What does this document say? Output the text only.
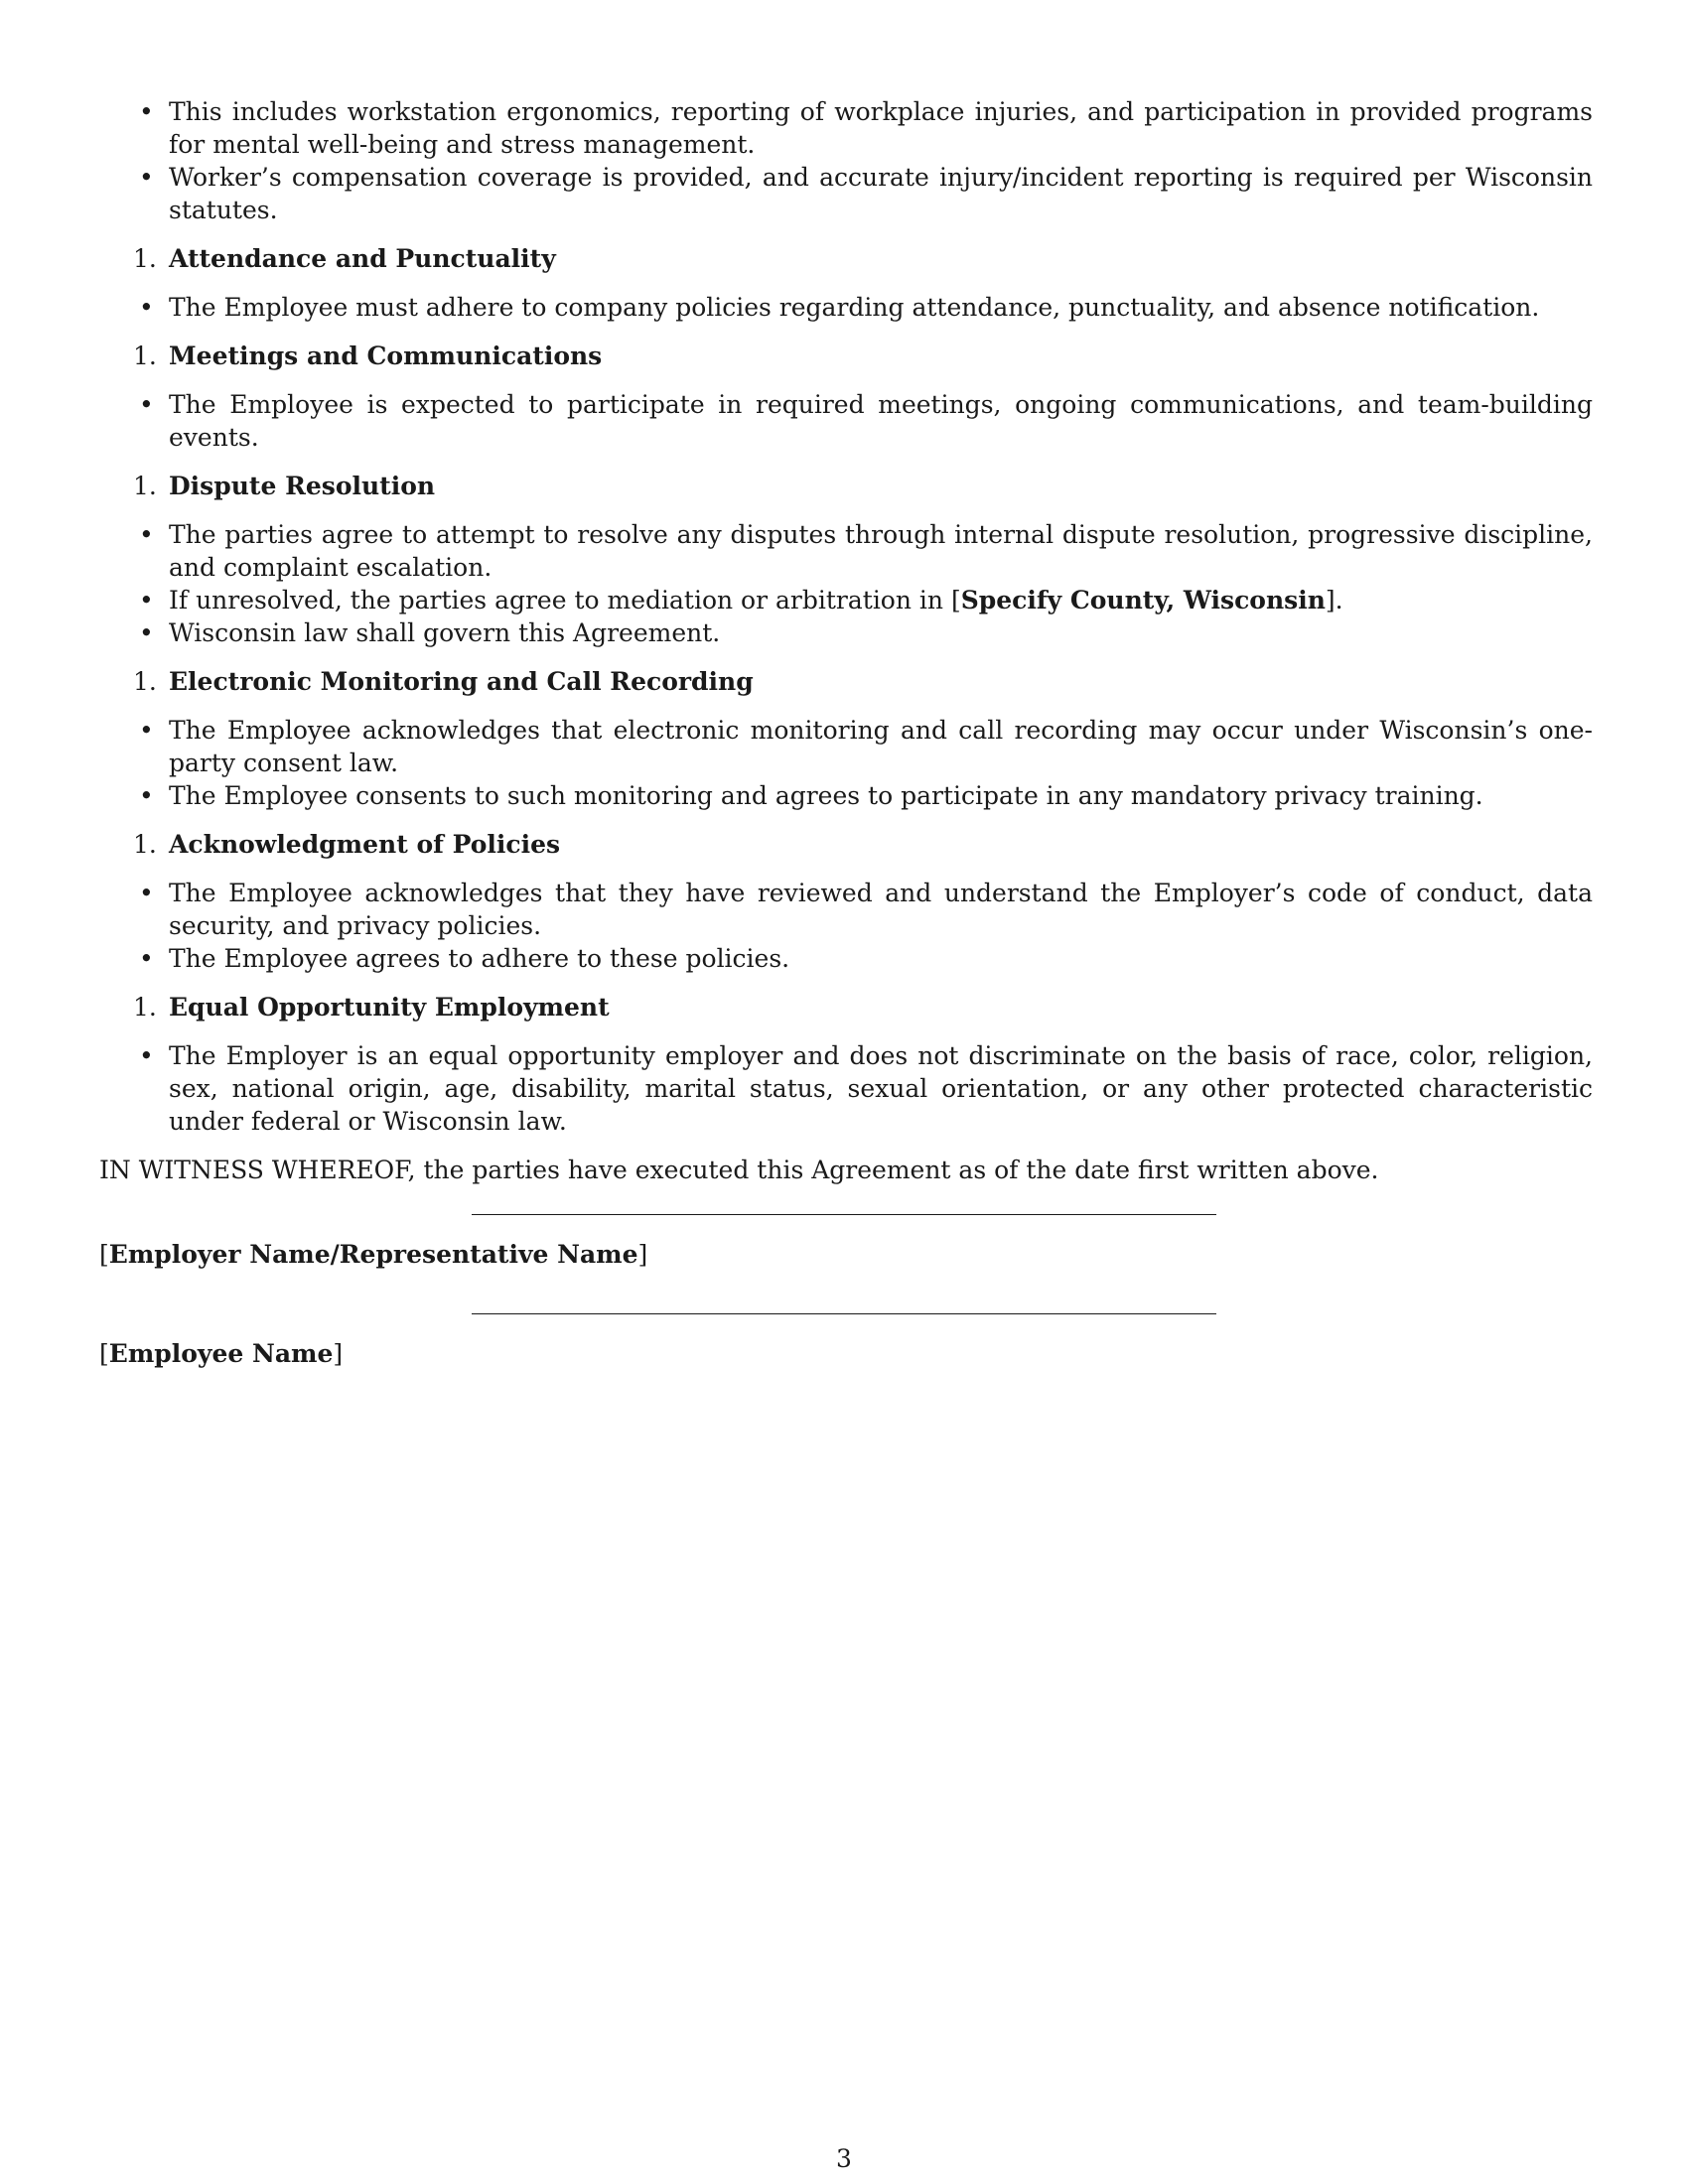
• This includes workstation ergonomics, reporting of workplace injuries, and participation in provided programs for mental well-being and stress management.
• Worker’s compensation coverage is provided, and accurate injury/incident reporting is required per Wisconsin statutes.
1. Attendance and Punctuality
• The Employee must adhere to company policies regarding attendance, punctuality, and absence notification.
1. Meetings and Communications
• The Employee is expected to participate in required meetings, ongoing communications, and team-building events.
1. Dispute Resolution
• The parties agree to attempt to resolve any disputes through internal dispute resolution, progressive discipline, and complaint escalation.
• If unresolved, the parties agree to mediation or arbitration in [Specify County, Wisconsin].
• Wisconsin law shall govern this Agreement.
1. Electronic Monitoring and Call Recording
• The Employee acknowledges that electronic monitoring and call recording may occur under Wisconsin’s one-party consent law.
• The Employee consents to such monitoring and agrees to participate in any mandatory privacy training.
1. Acknowledgment of Policies
• The Employee acknowledges that they have reviewed and understand the Employer’s code of conduct, data security, and privacy policies.
• The Employee agrees to adhere to these policies.
1. Equal Opportunity Employment
• The Employer is an equal opportunity employer and does not discriminate on the basis of race, color, religion, sex, national origin, age, disability, marital status, sexual orientation, or any other protected characteristic under federal or Wisconsin law.
IN WITNESS WHEREOF, the parties have executed this Agreement as of the date first written above.
[Employer Name/Representative Name]
[Employee Name]
3
